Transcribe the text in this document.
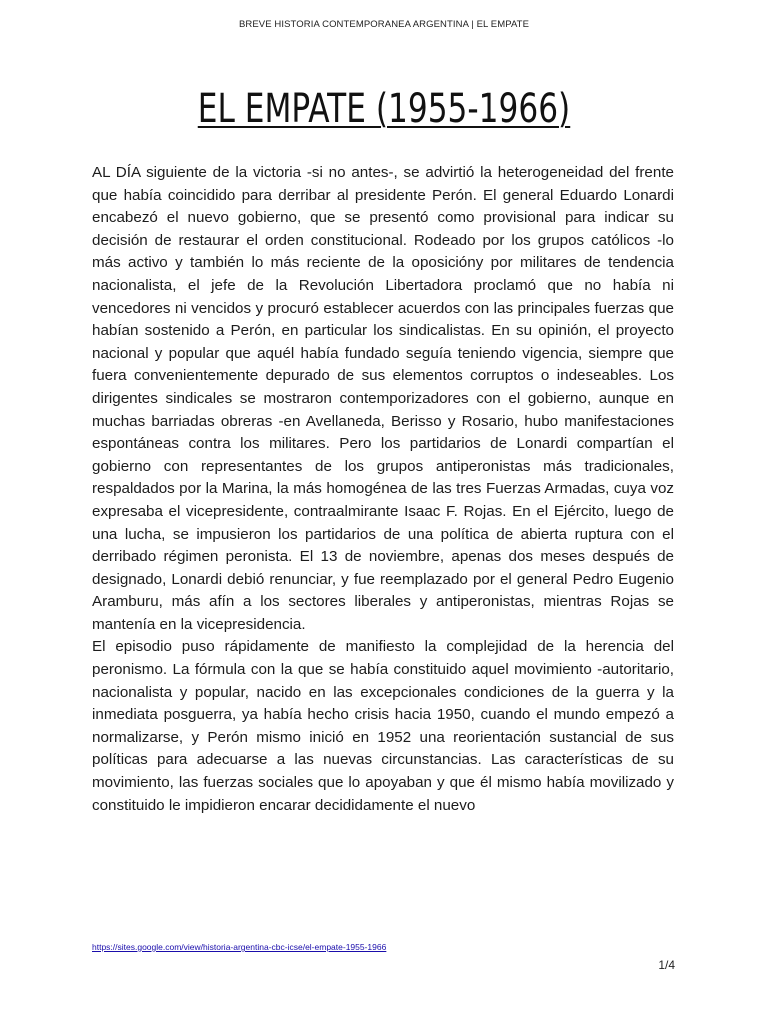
BREVE HISTORIA CONTEMPORANEA ARGENTINA | EL EMPATE
EL EMPATE (1955-1966)

AL DÍA siguiente de la victoria -si no antes-, se advirtió la heterogeneidad del frente que había coincidido para derribar al presidente Perón. El general Eduardo Lonardi encabezó el nuevo gobierno, que se presentó como provisional para indicar su decisión de restaurar el orden constitucional. Rodeado por los grupos católicos -lo más activo y también lo más reciente de la oposicióny por militares de tendencia nacionalista, el jefe de la Revolución Libertadora proclamó que no había ni vencedores ni vencidos y procuró establecer acuerdos con las principales fuerzas que habían sostenido a Perón, en particular los sindicalistas. En su opinión, el proyecto nacional y popular que aquél había fundado seguía teniendo vigencia, siempre que fuera convenientemente depurado de sus elementos corruptos o indeseables. Los dirigentes sindicales se mostraron contemporizadores con el gobierno, aunque en muchas barriadas obreras -en Avellaneda, Berisso y Rosario, hubo manifestaciones espontáneas contra los militares. Pero los partidarios de Lonardi compartían el gobierno con representantes de los grupos antiperonistas más tradicionales, respaldados por la Marina, la más homogénea de las tres Fuerzas Armadas, cuya voz expresaba el vicepresidente, contraalmirante Isaac F. Rojas. En el Ejército, luego de una lucha, se impusieron los partidarios de una política de abierta ruptura con el derribado régimen peronista. El 13 de noviembre, apenas dos meses después de designado, Lonardi debió renunciar, y fue reemplazado por el general Pedro Eugenio Aramburu, más afín a los sectores liberales y antiperonistas, mientras Rojas se mantenía en la vicepresidencia.

El episodio puso rápidamente de manifiesto la complejidad de la herencia del peronismo. La fórmula con la que se había constituido aquel movimiento -autoritario, nacionalista y popular, nacido en las excepcionales condiciones de la guerra y la inmediata posguerra, ya había hecho crisis hacia 1950, cuando el mundo empezó a normalizarse, y Perón mismo inició en 1952 una reorientación sustancial de sus políticas para adecuarse a las nuevas circunstancias. Las características de su movimiento, las fuerzas sociales que lo apoyaban y que él mismo había movilizado y constituido le impidieron encarar decididamente el nuevo

https://sites.google.com/view/historia-argentina-cbc-icse/el-empate-1955-1966
1/4
